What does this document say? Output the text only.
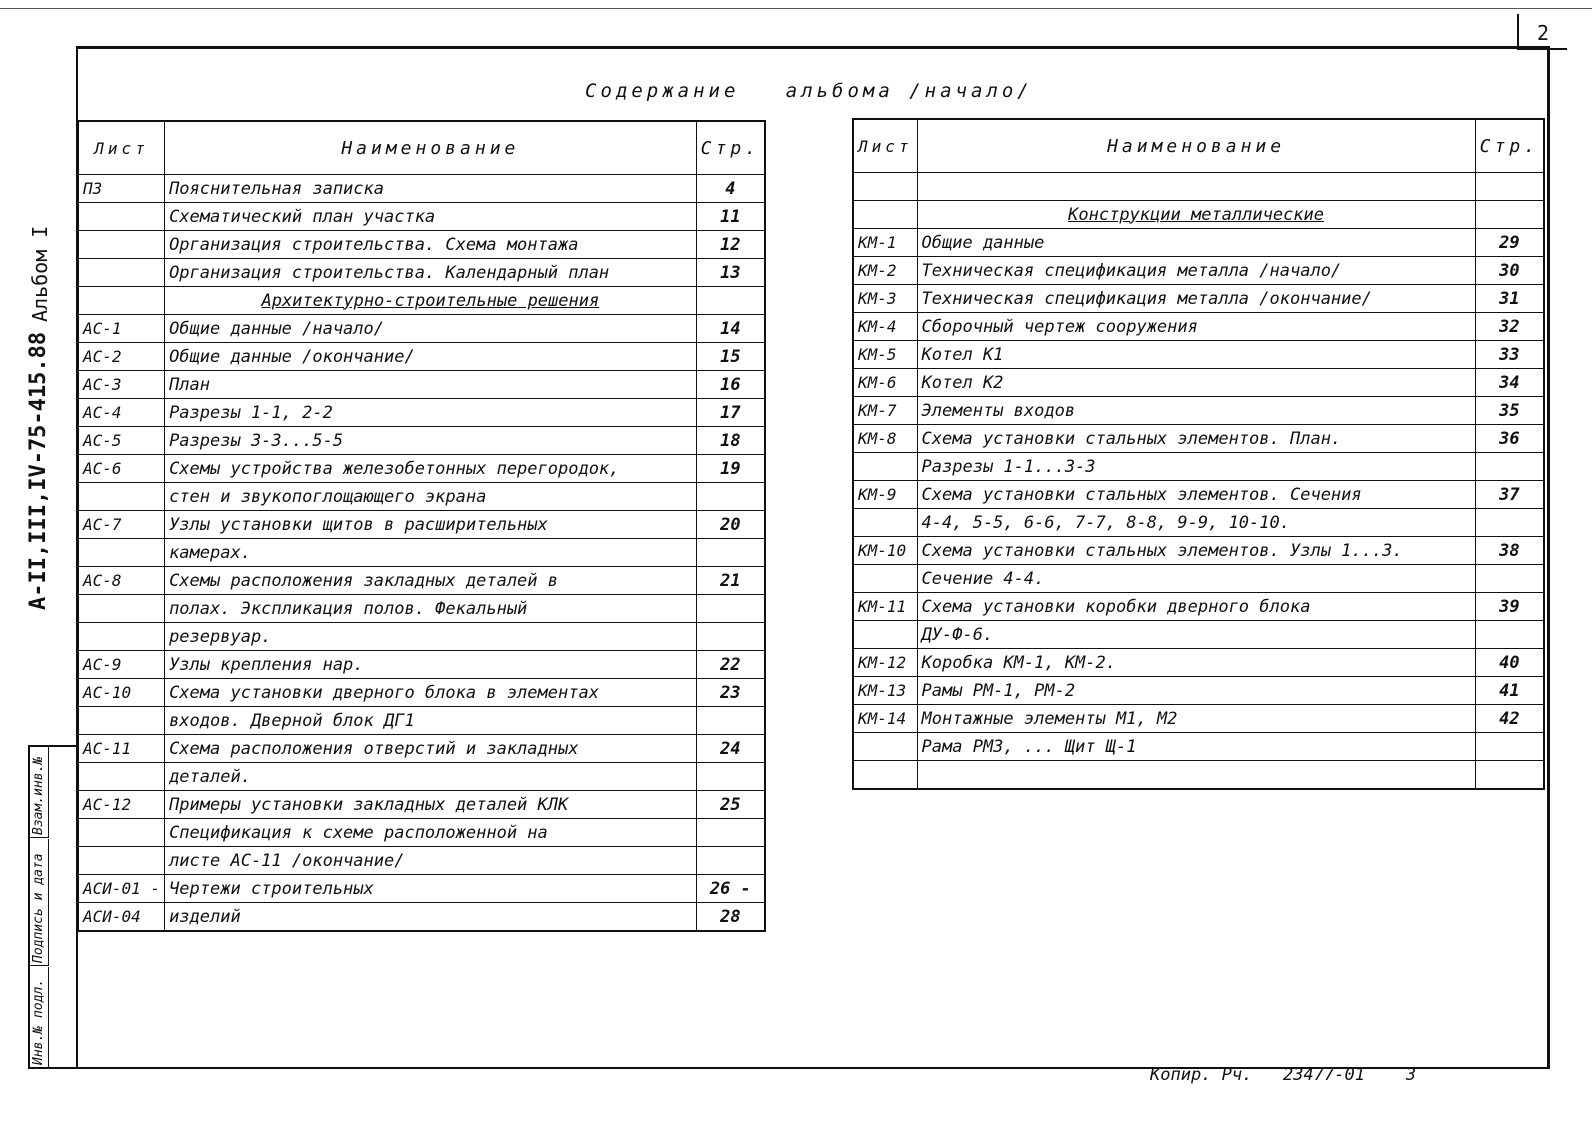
2
Содержание   альбома /начало/
Альбом I
А-II,III,IV-75-415.88
Взам.инв.№
Подпись и дата
Инв.№ подл.
Лист	Наименование	Стр.
ПЗ	Пояснительная записка	4
	Схематический план участка	11
	Организация строительства. Схема монтажа	12
	Организация строительства. Календарный план	13
	Архитектурно-строительные решения	
АС-1	Общие данные /начало/	14
АС-2	Общие данные /окончание/	15
АС-3	План	16
АС-4	Разрезы 1-1, 2-2	17
АС-5	Разрезы 3-3...5-5	18
АС-6	Схемы устройства железобетонных перегородок,	19
	стен и звукопоглощающего экрана	
АС-7	Узлы установки щитов в расширительных	20
	камерах.	
АС-8	Схемы расположения закладных деталей в	21
	полах. Экспликация полов. Фекальный	
	резервуар.	
АС-9	Узлы крепления нар.	22
АС-10	Схема установки дверного блока в элементах	23
	входов. Дверной блок ДГ1	
АС-11	Схема расположения отверстий и закладных	24
	деталей.	
АС-12	Примеры установки закладных деталей КЛК	25
	Спецификация к схеме расположенной на	
	листе АС-11 /окончание/	
АСИ-01 -	Чертежи строительных	26 -
АСИ-04	изделий	28
Лист	Наименование	Стр.

	Конструкции металлические	
КМ-1	Общие данные	29
КМ-2	Техническая спецификация металла /начало/	30
КМ-3	Техническая спецификация металла /окончание/	31
КМ-4	Сборочный чертеж сооружения	32
КМ-5	Котел К1	33
КМ-6	Котел К2	34
КМ-7	Элементы входов	35
КМ-8	Схема установки стальных элементов. План.	36
	Разрезы 1-1...3-3	
КМ-9	Схема установки стальных элементов. Сечения	37
	4-4, 5-5, 6-6, 7-7, 8-8, 9-9, 10-10.	
КМ-10	Схема установки стальных элементов. Узлы 1...3.	38
	Сечение 4-4.	
КМ-11	Схема установки коробки дверного блока	39
	ДУ-Ф-6.	
КМ-12	Коробка КМ-1, КМ-2.	40
КМ-13	Рамы РМ-1, РМ-2	41
КМ-14	Монтажные элементы М1, М2	42
	Рама РМ3, ... Щит Щ-1	

Копир. Рч.   23477-01    3
